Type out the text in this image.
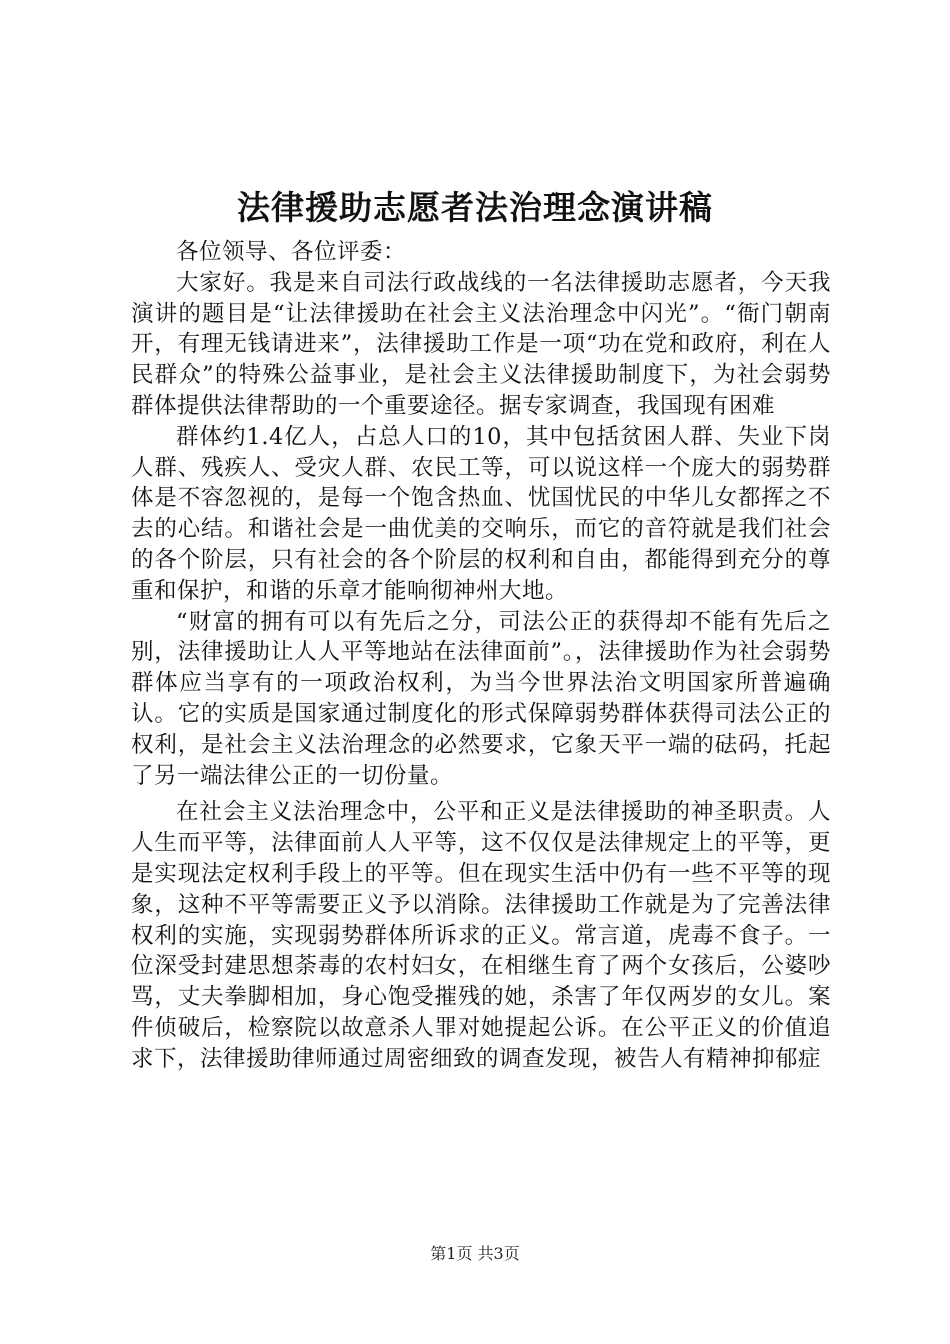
法律援助志愿者法治理念演讲稿

各位领导、各位评委：

大家好。我是来自司法行政战线的一名法律援助志愿者，今天我演讲的题目是“让法律援助在社会主义法治理念中闪光”。“衙门朝南开，有理无钱请进来”，法律援助工作是一项“功在党和政府，利在人民群众”的特殊公益事业，是社会主义法律援助制度下，为社会弱势群体提供法律帮助的一个重要途径。据专家调查，我国现有困难

群体约1.4亿人，占总人口的10，其中包括贫困人群、失业下岗人群、残疾人、受灾人群、农民工等，可以说这样一个庞大的弱势群体是不容忽视的，是每一个饱含热血、忧国忧民的中华儿女都挥之不去的心结。和谐社会是一曲优美的交响乐，而它的音符就是我们社会的各个阶层，只有社会的各个阶层的权利和自由，都能得到充分的尊重和保护，和谐的乐章才能响彻神州大地。

“财富的拥有可以有先后之分，司法公正的获得却不能有先后之别，法律援助让人人平等地站在法律面前”。，法律援助作为社会弱势群体应当享有的一项政治权利，为当今世界法治文明国家所普遍确认。它的实质是国家通过制度化的形式保障弱势群体获得司法公正的权利，是社会主义法治理念的必然要求，它象天平一端的砝码，托起了另一端法律公正的一切份量。

在社会主义法治理念中，公平和正义是法律援助的神圣职责。人人生而平等，法律面前人人平等，这不仅仅是法律规定上的平等，更是实现法定权利手段上的平等。但在现实生活中仍有一些不平等的现象，这种不平等需要正义予以消除。法律援助工作就是为了完善法律权利的实施，实现弱势群体所诉求的正义。常言道，虎毒不食子。一位深受封建思想荼毒的农村妇女，在相继生育了两个女孩后，公婆吵骂，丈夫拳脚相加，身心饱受摧残的她，杀害了年仅两岁的女儿。案件侦破后，检察院以故意杀人罪对她提起公诉。在公平正义的价值追求下，法律援助律师通过周密细致的调查发现，被告人有精神抑郁症

第1页 共3页
